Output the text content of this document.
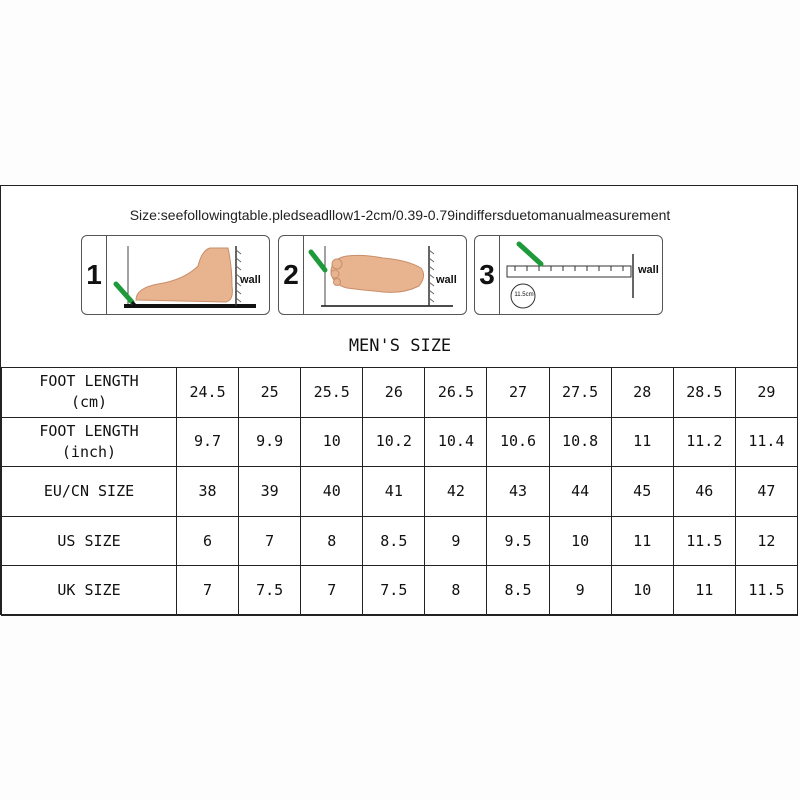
Size:seefollowingtable.pledseadllow1-2cm/0.39-0.79indiffersduetomanualmeasurement
1	wall 2	wall 3
11.5cm
wall
MEN'S SIZE
FOOT LENGTH
(cm)	24.5	25	25.5	26	26.5	27	27.5	28	28.5	29

FOOT LENGTH
(inch)	9.7	9.9	10	10.2	10.4	10.6	10.8	11	11.2	11.4

EU/CN SIZE	38	39	40	41	42	43	44	45	46	47

US SIZE	6	7	8	8.5	9	9.5	10	11	11.5	12

UK SIZE	7	7.5	7	7.5	8	8.5	9	10	11	11.5
